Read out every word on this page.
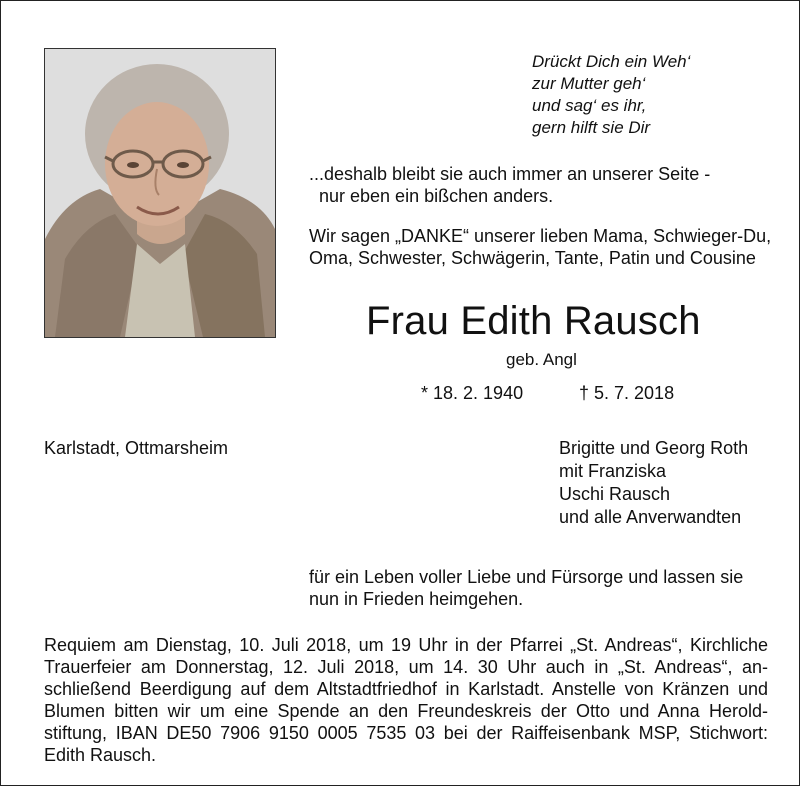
Drückt Dich ein Weh‘
zur Mutter geh‘
und sag‘ es ihr,
gern hilft sie Dir
...deshalb bleibt sie auch immer an unserer Seite -
nur eben ein bißchen anders.
Wir sagen „DANKE“ unserer lieben Mama, Schwieger-Du,
Oma, Schwester, Schwägerin, Tante, Patin und Cousine
Frau Edith Rausch
geb. Angl
* 18. 2. 1940	† 5. 7. 2018
Karlstadt, Ottmarsheim	Brigitte und Georg Roth
mit Franziska
Uschi Rausch
und alle Anverwandten
für ein Leben voller Liebe und Fürsorge und lassen sie
nun in Frieden heimgehen.
Requiem am Dienstag, 10. Juli 2018, um 19 Uhr in der Pfarrei „St. Andreas“, Kirchliche Trauerfeier am Donnerstag, 12. Juli 2018, um 14. 30 Uhr auch in „St. Andreas“, anschließend Beerdigung auf dem Altstadtfriedhof in Karlstadt. Anstelle von Kränzen und Blumen bitten wir um eine Spende an den Freundeskreis der Otto und Anna Heroldstiftung, IBAN DE50 7906 9150 0005 7535 03 bei der Raiffeisenbank MSP, Stichwort: Edith Rausch.
